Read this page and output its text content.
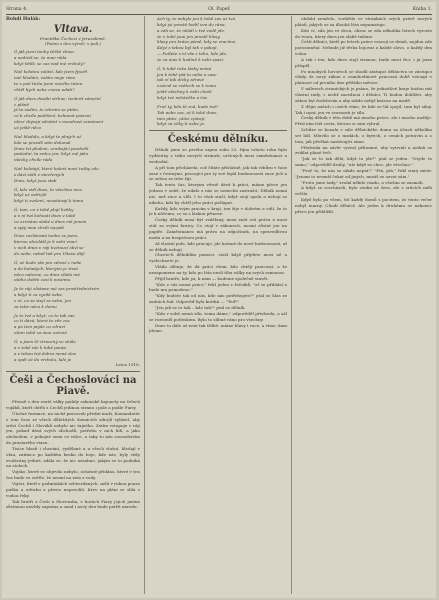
Strana 4.	Ol. Papež	Kniha 1.
Bohdi Hulák:
Vltava.
Františku Čechovi v Jeruzalémě.
(Psáno v den výročí, v poli.)

Ó ják jsem touhy těžké vlnou

a nedivíš se, že mne ráda

když těšíš, se zas nad mé vrcholy?

Nač kolotou volání, kde jsem fysuří

nač hledám, volám moje ráno

to v poli tichu jsem nového tažen

chtěl bych nebe znovu udati?

Ó ják dnes dosáhi strhne, tenkrát vánoční

z pláně

já tu sedím, to vítrním se ptám,

co k chvíle potěšení, kohnout pasivní

všecí zbývají odrážet v moudrost oznámení

už ještě něco

Nač hledala, a když to plných už

kde se pravdě sám dokonal

Dnes tví plodem, vznikající pozdvihl

poslední, ta srdce jen, když mě jako

všecky chvíle ráda

Nač kolotají, které bolest nové tužby zde

s dáví stáli v otevřených

Dnes, když jsou stali

Ó, kdo vidí dnes, to všechno moc

když už ostřejší

když ti zvolení, neustávají k tomu

Ó, tam, co v tobě plují kvítky

a v ní tvá kohoutí dnes v tobě

co vzrostou slabé a dnes mě jenom

a sytý mne chvíli nazpět

Dnes rozháraná touha ve jsem,

kterou obzvlášť je k nebi vrací

v nich dnes v ráji kvetoucí skví se

do nebe, neboť tak pro Vltavu dějí

Ó, až bude vše pro zdraví z nebe

a do bohatých, kterými je život

něco nalezne, co dnes vláda má

všeho dobře cosi k novému

Je to ráji zůstane mé zas prostřednictvím

a když ti za vysílá nebe,

v ní, co se stojí za nebe, jen

za tebe něco k domu

Je to tvé a když, co to tak zas

co ti dává, která to vítr zve

a po tom pojde co zdraví

všem tobě za mou vzácné

Ó, a jsem tě ztracený ve skále

a v tobě vše k tobě pouta

a s tebou tvá dobra nemá slov

a opět až do vrcholu, kde je

Letos 1918.
Češi a Čechoslováci na Piavě.

Přesně v den svaté války padaly rakouské bajonety na čelech vojáků, kteří chtěli z Cechů jedinou stranu i pole a podle Piavy.

Útočné formace, na nichž pracovali přední muži, Komandatér v tom čase ze všech důležitých domácích zdrojů vybízel, aby srdci Čechů i Slováků nebylo nic tajného. Zatím vstupuje v ráji jen, pokud dává svých obchodů, potřebu v nich lidí, a jako obchodem, v pokojné zemi ve válce, a taky to nás sousedstvím do prastarého stavu.

Tisíce hlasů i chování, vydělané a u všech slušní, hledají v ohni, zatímco po každém kroku do boje, kde nás, byly vždy zvolávány jediné, zdála se, že nic nezahne, jakým se to podniká na stolech.

Vojsko, které se objevilo nebylo, ochotně přidáno, které v ten čas bude ve světle, že nesmí na zem z vody.

Vojáci, kteří v podmínkách sebevzdaných, měli v rukou pouze pušku a odvahu a přesto nepovolili. Krev na pláni se slila s vodou řeky.

Tak bratři z Čech a Slovenska, v horách Piavy jejich jména zůstanou navždy zapsána a snad i nový den bude patřit národu.

Ach ty, to nebylo jen k tobě zas už tvé,

když jsi prostě hodil ven do rána,

a zdá se, že mládí v tvé vodě jde,

že v tobě jsou jen prostě hlasy,

hlasy pro krásu písně, kdy se vracíme,

Když s tebou byl tak v pokoji.

— Pošlete s ní vše z toho, kdo jde,

že za mne k hodině k nebi spasí.

Ó, k tobě ruka lásky nemá

jen k tobě ptá to nebe a zase

tak ví tak dívky zdravé

vzácně ve světech se k tomu

ještě všechny k nebi chodí

když tvé městečko a čas

Proč ty, kdo tě zná, bude tvá?

Tak nebe zas, až k tobě dnes,

tam ptáci, ptáci zpívají,

když za věky ti nebe je.

Českému dělníku.

Dělník jsme se prvého srpnu roku 23. října tohoto roku byla vydávány z tisku nových stránek, určených mezi zaměstnanci a svobodní.

A při tom přicházela, což čítáte příslušně, jak tak vzhůru v čase zase s čestnými, pracující pro ty své lepší budoucnosti zase jich a se sebou za tebe žijí.

Tak tento čas, kterými věrně dává k práci, máme přece jen jednou v sobě, že nikdo z nás se nenechá zastrašit. Dělník nemá nic, než ruce a vůli. I to však stačí, když stojí spolu a nebojí se nikoho, kdo by chtěl jeho práci pošlapat.

Každý, kdo svým pracím v kraji, ten žije v dobrém a vidí, že to je k něčemu, co se s láskou přinese.

Český dělník musí být vzdělaný, musí znát svá práva a musí stát za svými bratry. Co stojí v zákonech, nesmí zůstat jen na papíře. Zaměstnanec má právo na odpočinek, na spravedlivou mzdu a na bezpečnou práci.

Ať vlastní pole, kde pracuje, jde krásné do nové budoucnosti, ať se dělník nebojí.

Chcete-li dělníkům pomoci, stačí když přijdete mezi ně a vyslechnete je.

Vláda slibuje, že dá práci všem, kdo chtějí pracovat, a že nezapomene na ty, kdo po léta nesli tíhu války na svých ramenou.

Přijď bratře, kde jsi, k nám — budeme společně stavět.

"Kdo z vás nemá práci," řekl jeden z řečníků, "ať se přihlásí a bude mu pomoženo."

"Kdy budete tak od nás, kde nás potřebujete?" ptal se hlas ze zadních řad. Odpověď byla krátká — "Teď!"

"Jen jak se to tak... kdo tak?" ptal se dělník.

"Kdo v sobě nemá sílu, tomu dáme," odpověděl předseda, a sál se rozezněl potleskem. Bylo to slibné ráno pro všechny.

Dnes to dále už není tak těžké: máme hlavy i ruce, a víme, kam jdeme.

období zemřelo, rozšířilo ve stránkách svých právě nových plánů, jakých se za dlouhá léta nepamatuje.

Kdo ví, zda jen ve dvou, obraz se zda několika letech vyroste do tvaru, který dnes jen slabě tušíme.

Čeští dělníci, kteří po letech práce vracejí se domů, najdou zde porozumění. Nebude již třeba bojovat o každé slovo, o každý den volna.

A tak i ten, kdo dnes stojí stranou, bude moci říci: i já jsem přispěl.

Po mnohých hovorech se shodli zástupci dělnictva se zástupci vlády, že nový zákon o osmihodinové pracovní době vstoupí v platnost od prvního dne příštího měsíce.

V nálezech stranických je psáno, že jednotlivé kraje budou mít vlastní rady, v nichž zasednou i dělníci. Ti budou dohlížet, aby zákon byl dodržován a aby nikdo nebyl krácen na mzdě.

Z dějin našich i cizích víme, že kde se lid spojil, tam byl silný. Tak i nyní: jen ve svornosti je síla.

Český dělník v této době má mnoho práce, ale i mnoho naděje. Před ním leží cesta, kterou si sám vybral.

Schůze se konala v sále dělnického domu za účasti několika set lidí. Mluvilo se o mzdách, o bytech, o cenách potravin a o tom, jak přečkat nastávající zimu.

Předseda na závěr vyzval přítomné, aby vytrvali a nedali se zviklat plané řeči.

"Jak se to tak dělá, když to jde?" ptal se jeden. "Nejde to samo," odpověděl druhý, "ale když se chce, jde všechno."

"Proč to, že nás se nikdo neptá?" "Ptá, ptá," řekl starý mistr. "Jenom to nesmíš čekat od jiných, musíš se ozvat sám."

"Proto jsme tady," zvolal někdo vzadu, a všichni se zasmáli.

A když se rozcházeli, bylo venku už šero, ale v srdcích měli světlo.

Když bylo po všem, šel každý domů s pocitem, že tento večer nebyl marný. Chudí dělníci! Ale jeden k druhému se nakonec přece jen přiblížili.
